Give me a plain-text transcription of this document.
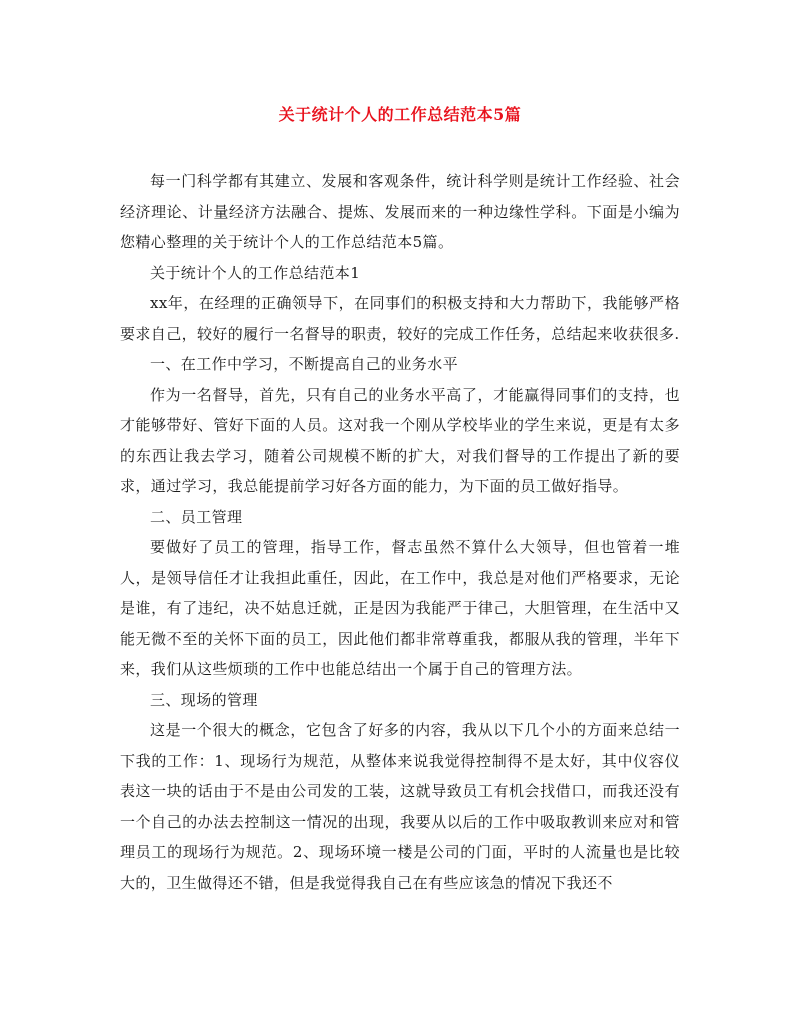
关于统计个人的工作总结范本5篇

每一门科学都有其建立、发展和客观条件，统计科学则是统计工作经验、社会经济理论、计量经济方法融合、提炼、发展而来的一种边缘性学科。下面是小编为您精心整理的关于统计个人的工作总结范本5篇。

关于统计个人的工作总结范本1

xx年，在经理的正确领导下，在同事们的积极支持和大力帮助下，我能够严格要求自己，较好的履行一名督导的职责，较好的完成工作任务，总结起来收获很多.

一、在工作中学习，不断提高自己的业务水平

作为一名督导，首先，只有自己的业务水平高了，才能赢得同事们的支持，也才能够带好、管好下面的人员。这对我一个刚从学校毕业的学生来说，更是有太多的东西让我去学习，随着公司规模不断的扩大，对我们督导的工作提出了新的要求，通过学习，我总能提前学习好各方面的能力，为下面的员工做好指导。

二、员工管理

要做好了员工的管理，指导工作，督志虽然不算什么大领导，但也管着一堆人，是领导信任才让我担此重任，因此，在工作中，我总是对他们严格要求，无论是谁，有了违纪，决不姑息迁就，正是因为我能严于律己，大胆管理，在生活中又能无微不至的关怀下面的员工，因此他们都非常尊重我，都服从我的管理，半年下来，我们从这些烦琐的工作中也能总结出一个属于自己的管理方法。

三、现场的管理

这是一个很大的概念，它包含了好多的内容，我从以下几个小的方面来总结一下我的工作：1、现场行为规范，从整体来说我觉得控制得不是太好，其中仪容仪表这一块的话由于不是由公司发的工装，这就导致员工有机会找借口，而我还没有一个自己的办法去控制这一情况的出现，我要从以后的工作中吸取教训来应对和管理员工的现场行为规范。2、现场环境一楼是公司的门面，平时的人流量也是比较大的，卫生做得还不错，但是我觉得我自己在有些应该急的情况下我还不
